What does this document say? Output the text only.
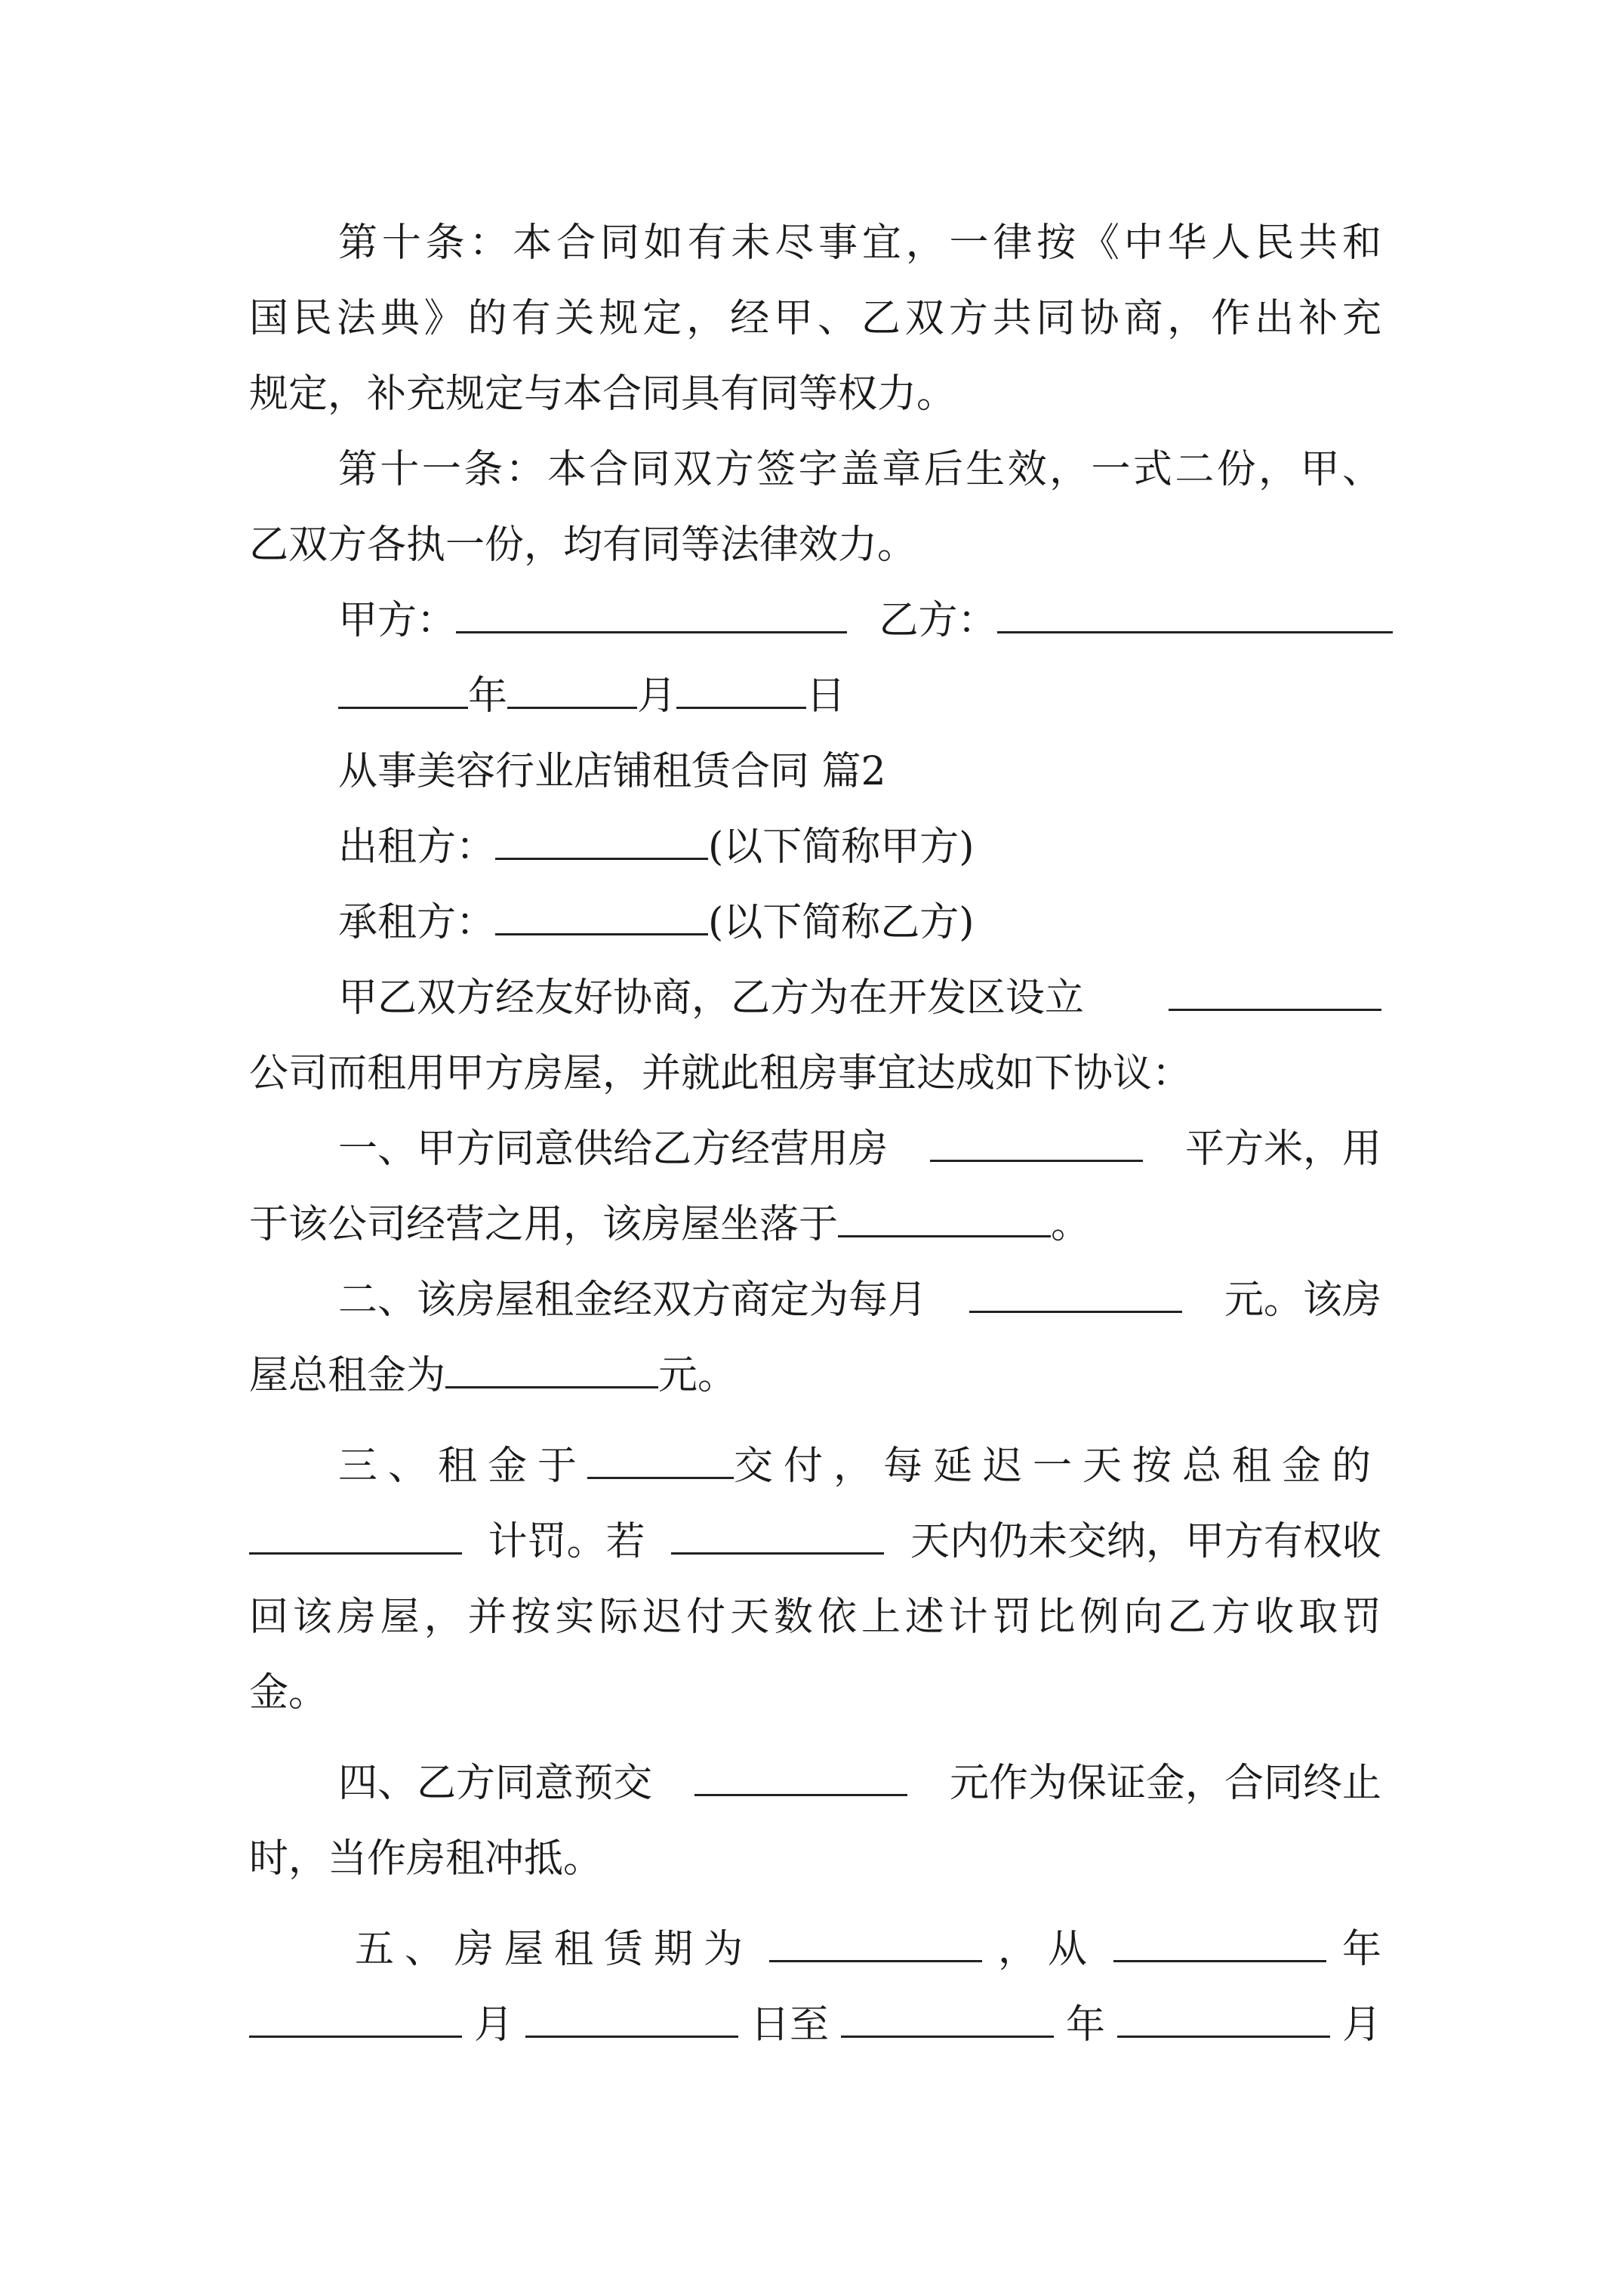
第十条：本合同如有未尽事宜，一律按《中华人民共和
国民法典》的有关规定，经甲、乙双方共同协商，作出补充
规定，补充规定与本合同具有同等权力。
第十一条：本合同双方签字盖章后生效，一式二份，甲、
乙双方各执一份，均有同等法律效力。
甲方：	乙方：
年	月	日
从事美容行业店铺租赁合同 篇2
出租方：	(以下简称甲方)
承租方：	(以下简称乙方)
甲乙双方经友好协商，乙方为在开发区设立
公司而租用甲方房屋，并就此租房事宜达成如下协议：
一、甲方同意供给乙方经营用房	平方米，用
于该公司经营之用，该房屋坐落于	。
二、该房屋租金经双方商定为每月	元。该房
屋总租金为	元。
三、租金于	交付，每延迟一天按总租金的
计罚。若	天内仍未交纳，甲方有权收
回该房屋，并按实际迟付天数依上述计罚比例向乙方收取罚
金。
四、乙方同意预交	元作为保证金，合同终止
时，当作房租冲抵。
五、房屋租赁期为	，从	年
月	日至	年	月
